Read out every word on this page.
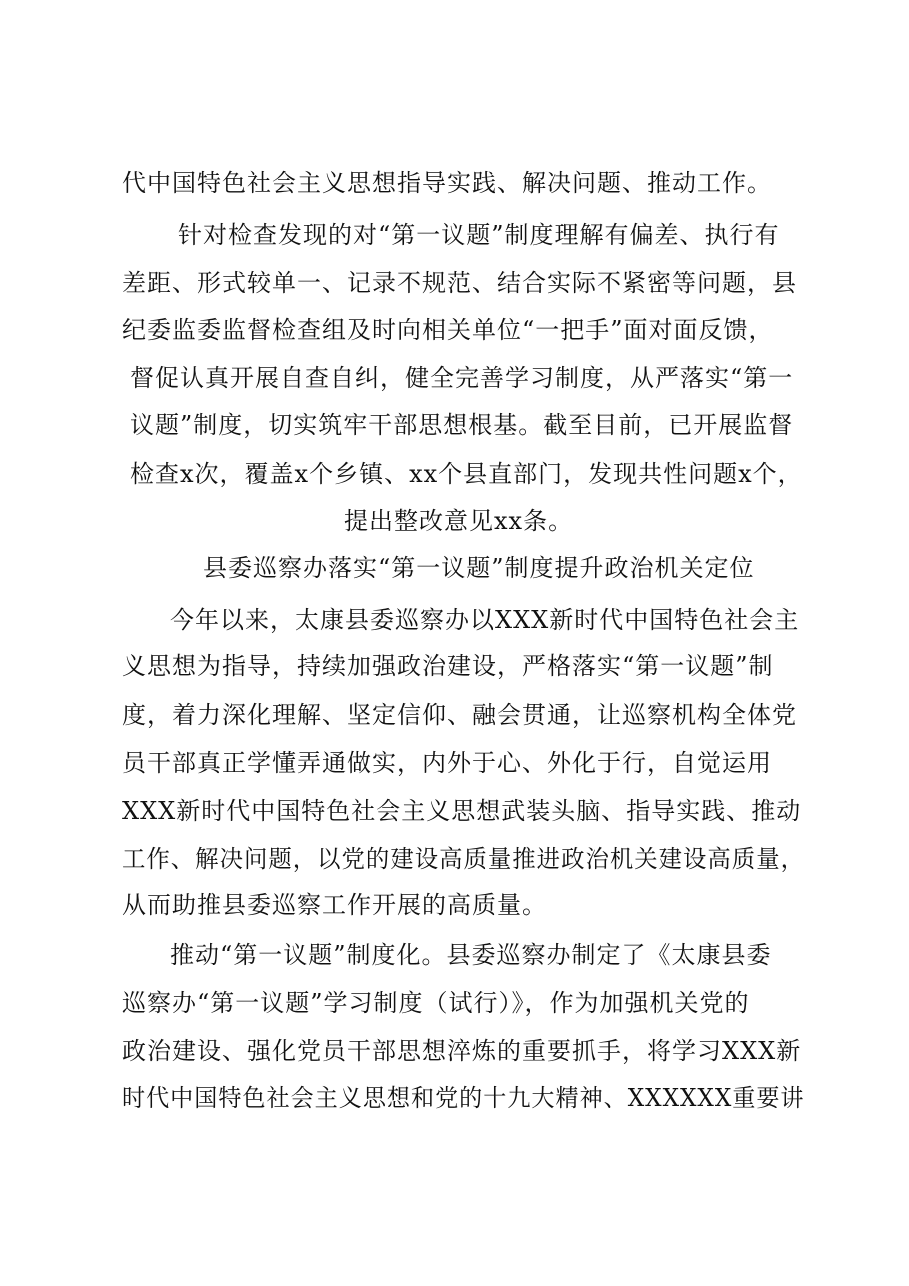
代中国特色社会主义思想指导实践、解决问题、推动工作。
针对检查发现的对“第一议题”制度理解有偏差、执行有
差距、形式较单一、记录不规范、结合实际不紧密等问题，县
纪委监委监督检查组及时向相关单位“一把手”面对面反馈，
督促认真开展自查自纠，健全完善学习制度，从严落实“第一
议题”制度，切实筑牢干部思想根基。截至目前，已开展监督
检查x次，覆盖x个乡镇、xx个县直部门，发现共性问题x个，
提出整改意见xx条。
县委巡察办落实“第一议题”制度提升政治机关定位
今年以来，太康县委巡察办以XXX新时代中国特色社会主
义思想为指导，持续加强政治建设，严格落实“第一议题”制
度，着力深化理解、坚定信仰、融会贯通，让巡察机构全体党
员干部真正学懂弄通做实，内外于心、外化于行，自觉运用
XXX新时代中国特色社会主义思想武装头脑、指导实践、推动
工作、解决问题，以党的建设高质量推进政治机关建设高质量，
从而助推县委巡察工作开展的高质量。
推动“第一议题”制度化。县委巡察办制定了《太康县委
巡察办“第一议题”学习制度（试行）》，作为加强机关党的
政治建设、强化党员干部思想淬炼的重要抓手，将学习XXX新
时代中国特色社会主义思想和党的十九大精神、XXXXXX重要讲
